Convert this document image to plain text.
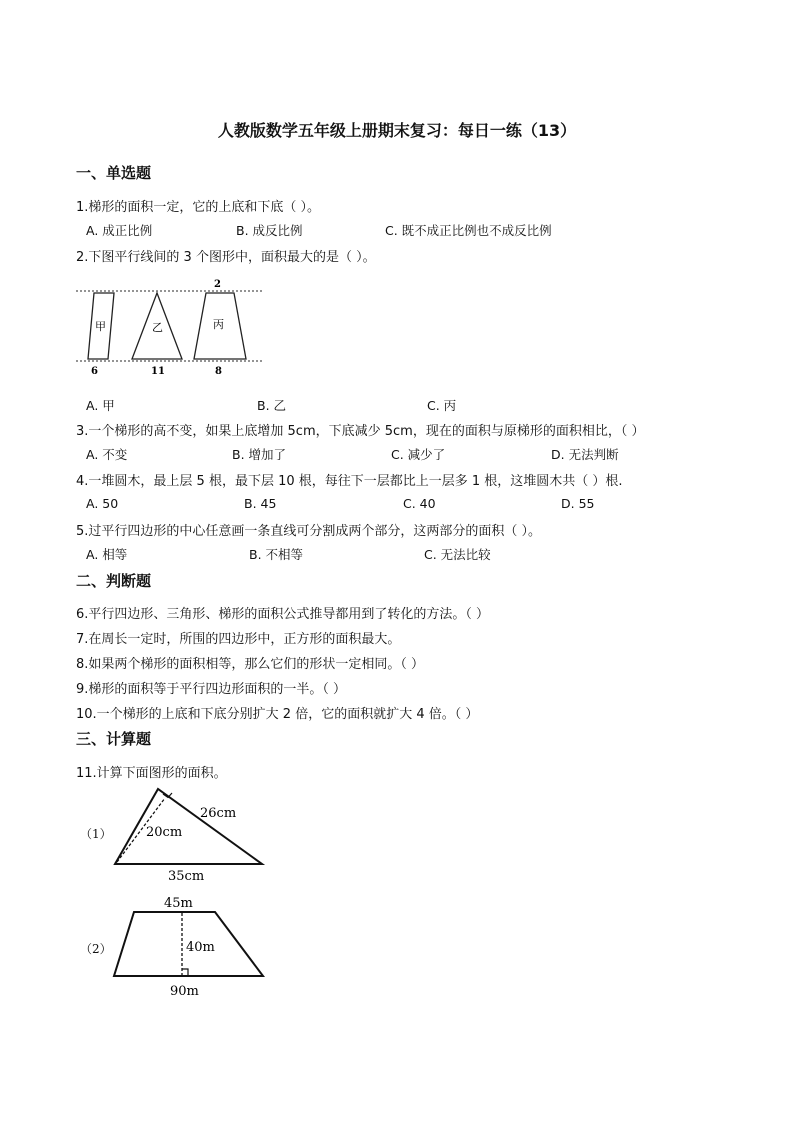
人教版数学五年级上册期末复习：每日一练（13）
一、单选题
1.梯形的面积一定，它的上底和下底（ ）。
A. 成正比例	B. 成反比例	C. 既不成正比例也不成反比例
2.下图平行线间的 3 个图形中，面积最大的是（ ）。
甲	乙	丙
2
6	11	8
A. 甲	B. 乙	C. 丙
3.一个梯形的高不变，如果上底增加 5cm，下底减少 5cm，现在的面积与原梯形的面积相比，（ ）
A. 不变	B. 增加了	C. 减少了	D. 无法判断
4.一堆圆木，最上层 5 根，最下层 10 根，每往下一层都比上一层多 1 根，这堆圆木共（ ）根.
A. 50	B. 45	C. 40	D. 55
5.过平行四边形的中心任意画一条直线可分割成两个部分，这两部分的面积（ ）。
A. 相等	B. 不相等	C. 无法比较
二、判断题
6.平行四边形、三角形、梯形的面积公式推导都用到了转化的方法。（ ）
7.在周长一定时，所围的四边形中，正方形的面积最大。
8.如果两个梯形的面积相等，那么它们的形状一定相同。（ ）
9.梯形的面积等于平行四边形面积的一半。（ ）
10.一个梯形的上底和下底分别扩大 2 倍，它的面积就扩大 4 倍。（ ）
三、计算题
11.计算下面图形的面积。
（1）
26cm
20cm
35cm
（2）
45m
40m
90m
